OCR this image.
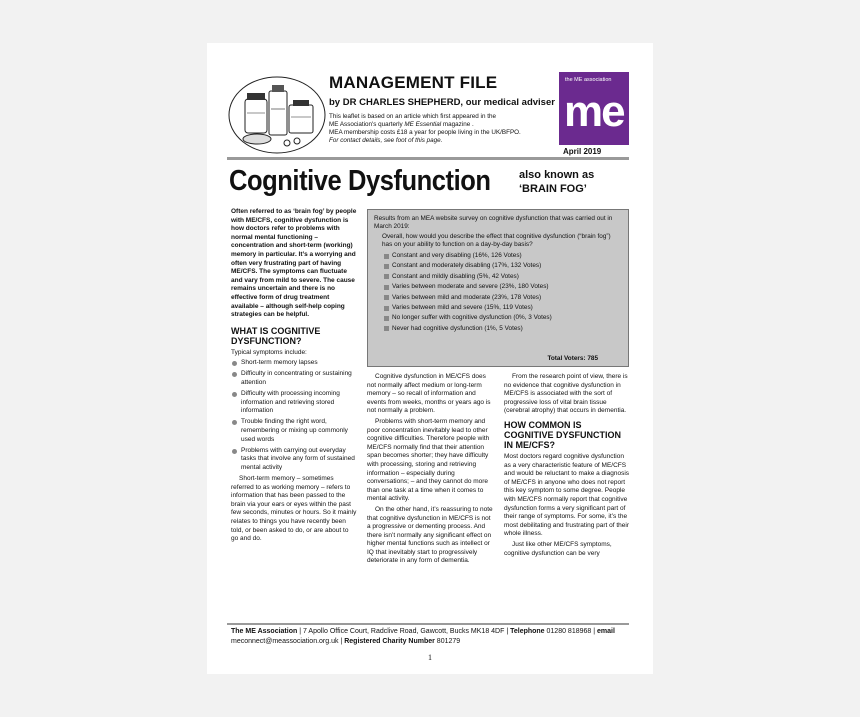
MANAGEMENT FILE
by DR CHARLES SHEPHERD, our medical adviser
This leaflet is based on an article which first appeared in the
ME Association's quarterly ME Essential magazine .
MEA membership costs £18 a year for people living in the UK/BFPO.
For contact details, see foot of this page.
the ME association
me
April 2019
Cognitive Dysfunction	also known as
‘BRAIN FOG’

Often referred to as ‘brain fog’ by people with ME/CFS, cognitive dysfunction is how doctors refer to problems with normal mental functioning – concentration and short-term (working) memory in particular. It’s a worrying and often very frustrating part of having ME/CFS. The symptoms can fluctuate and vary from mild to severe. The cause remains uncertain and there is no effective form of drug treatment available – although self-help coping strategies can be helpful.

WHAT IS COGNITIVE DYSFUNCTION?

Typical symptoms include:

Short-term memory lapses
Difficulty in concentrating or sustaining attention
Difficulty with processing incoming information and retrieving stored information
Trouble finding the right word, remembering or mixing up commonly used words
Problems with carrying out everyday tasks that involve any form of sustained mental activity

Short-term memory – sometimes referred to as working memory – refers to information that has been passed to the brain via your ears or eyes within the past few seconds, minutes or hours. So it mainly relates to things you have recently been told, or been asked to do, or are about to go and do.

Results from an MEA website survey on cognitive dysfunction that was carried out in March 2019:

Overall, how would you describe the effect that cognitive dysfunction (“brain fog”) has on your ability to function on a day-by-day basis?

Constant and very disabling (16%, 126 Votes)
Constant and moderately disabling (17%, 132 Votes)
Constant and mildly disabling (5%, 42 Votes)
Varies between moderate and severe (23%, 180 Votes)
Varies between mild and moderate (23%, 178 Votes)
Varies between mild and severe (15%, 119 Votes)
No longer suffer with cognitive dysfunction (0%, 3 Votes)
Never had cognitive dysfunction (1%, 5 Votes)
Total Voters: 785

Cognitive dysfunction in ME/CFS does not normally affect medium or long-term memory – so recall of information and events from weeks, months or years ago is not normally a problem.

Problems with short-term memory and poor concentration inevitably lead to other cognitive difficulties. Therefore people with ME/CFS normally find that their attention span becomes shorter; they have difficulty with processing, storing and retrieving information – especially during conversations; – and they cannot do more than one task at a time when it comes to mental activity.

On the other hand, it’s reassuring to note that cognitive dysfunction in ME/CFS is not a progressive or dementing process. And there isn’t normally any significant effect on higher mental functions such as intellect or IQ that inevitably start to progressively deteriorate in any form of dementia.

From the research point of view, there is no evidence that cognitive dysfunction in ME/CFS is associated with the sort of progressive loss of vital brain tissue (cerebral atrophy) that occurs in dementia.

HOW COMMON IS COGNITIVE DYSFUNCTION IN ME/CFS?

Most doctors regard cognitive dysfunction as a very characteristic feature of ME/CFS and would be reluctant to make a diagnosis of ME/CFS in anyone who does not report this key symptom to some degree. People with ME/CFS normally report that cognitive dysfunction forms a very significant part of their range of symptoms. For some, it’s the most debilitating and frustrating part of their whole illness.

Just like other ME/CFS symptoms, cognitive dysfunction can be very

The ME Association | 7 Apollo Office Court, Radclive Road, Gawcott, Bucks MK18 4DF | Telephone 01280 818968 | email meconnect@meassociation.org.uk | Registered Charity Number 801279
1
